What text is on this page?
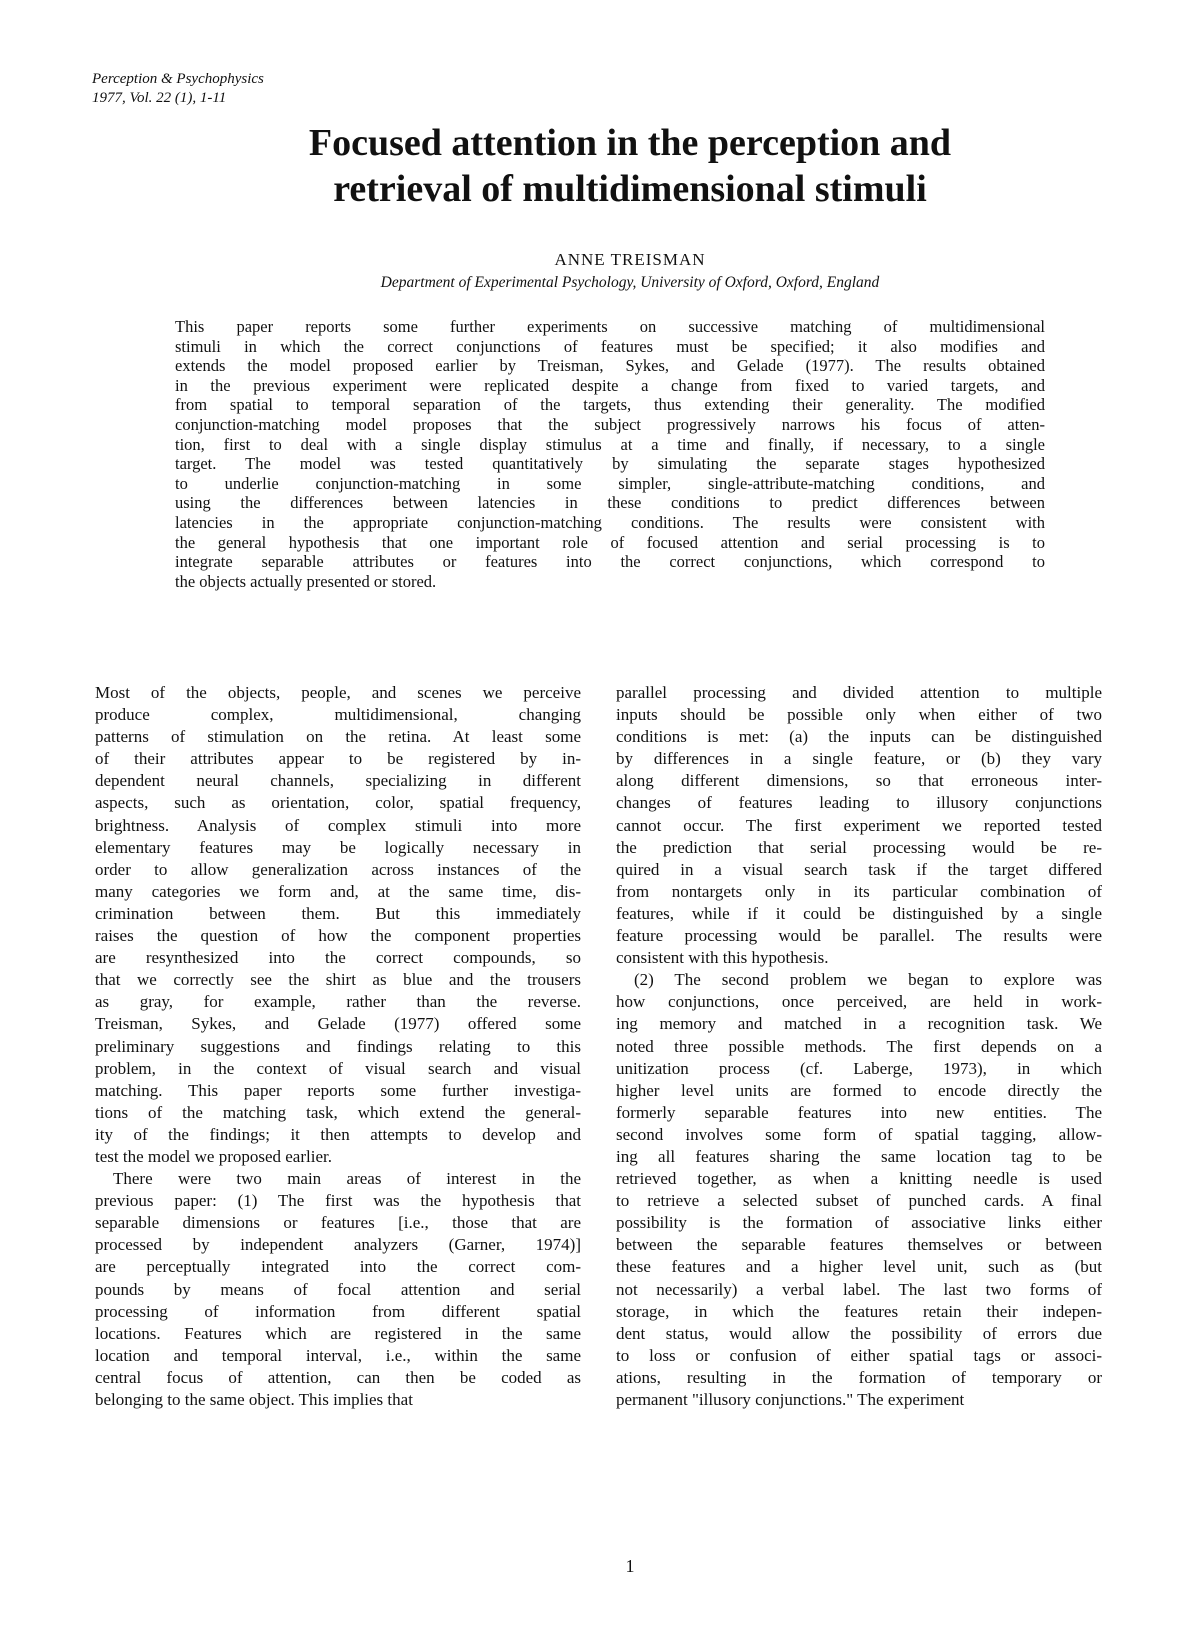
Perception & Psychophysics
1977, Vol. 22 (1), 1-11
Focused attention in the perception and
retrieval of multidimensional stimuli
ANNE TREISMAN
Department of Experimental Psychology, University of Oxford, Oxford, England
This paper reports some further experiments on successive matching of multidimensional
stimuli in which the correct conjunctions of features must be specified; it also modifies and
extends the model proposed earlier by Treisman, Sykes, and Gelade (1977). The results obtained
in the previous experiment were replicated despite a change from fixed to varied targets, and
from spatial to temporal separation of the targets, thus extending their generality. The modified
conjunction-matching model proposes that the subject progressively narrows his focus of atten-
tion, first to deal with a single display stimulus at a time and finally, if necessary, to a single
target. The model was tested quantitatively by simulating the separate stages hypothesized
to underlie conjunction-matching in some simpler, single-attribute-matching conditions, and
using the differences between latencies in these conditions to predict differences between
latencies in the appropriate conjunction-matching conditions. The results were consistent with
the general hypothesis that one important role of focused attention and serial processing is to
integrate separable attributes or features into the correct conjunctions, which correspond to
the objects actually presented or stored.
Most of the objects, people, and scenes we perceive
produce complex, multidimensional, changing
patterns of stimulation on the retina. At least some
of their attributes appear to be registered by in-
dependent neural channels, specializing in different
aspects, such as orientation, color, spatial frequency,
brightness. Analysis of complex stimuli into more
elementary features may be logically necessary in
order to allow generalization across instances of the
many categories we form and, at the same time, dis-
crimination between them. But this immediately
raises the question of how the component properties
are resynthesized into the correct compounds, so
that we correctly see the shirt as blue and the trousers
as gray, for example, rather than the reverse.
Treisman, Sykes, and Gelade (1977) offered some
preliminary suggestions and findings relating to this
problem, in the context of visual search and visual
matching. This paper reports some further investiga-
tions of the matching task, which extend the general-
ity of the findings; it then attempts to develop and
test the model we proposed earlier.
There were two main areas of interest in the
previous paper: (1) The first was the hypothesis that
separable dimensions or features [i.e., those that are
processed by independent analyzers (Garner, 1974)]
are perceptually integrated into the correct com-
pounds by means of focal attention and serial
processing of information from different spatial
locations. Features which are registered in the same
location and temporal interval, i.e., within the same
central focus of attention, can then be coded as
belonging to the same object. This implies that
parallel processing and divided attention to multiple
inputs should be possible only when either of two
conditions is met: (a) the inputs can be distinguished
by differences in a single feature, or (b) they vary
along different dimensions, so that erroneous inter-
changes of features leading to illusory conjunctions
cannot occur. The first experiment we reported tested
the prediction that serial processing would be re-
quired in a visual search task if the target differed
from nontargets only in its particular combination of
features, while if it could be distinguished by a single
feature processing would be parallel. The results were
consistent with this hypothesis.
(2) The second problem we began to explore was
how conjunctions, once perceived, are held in work-
ing memory and matched in a recognition task. We
noted three possible methods. The first depends on a
unitization process (cf. Laberge, 1973), in which
higher level units are formed to encode directly the
formerly separable features into new entities. The
second involves some form of spatial tagging, allow-
ing all features sharing the same location tag to be
retrieved together, as when a knitting needle is used
to retrieve a selected subset of punched cards. A final
possibility is the formation of associative links either
between the separable features themselves or between
these features and a higher level unit, such as (but
not necessarily) a verbal label. The last two forms of
storage, in which the features retain their indepen-
dent status, would allow the possibility of errors due
to loss or confusion of either spatial tags or associ-
ations, resulting in the formation of temporary or
permanent "illusory conjunctions." The experiment
1
